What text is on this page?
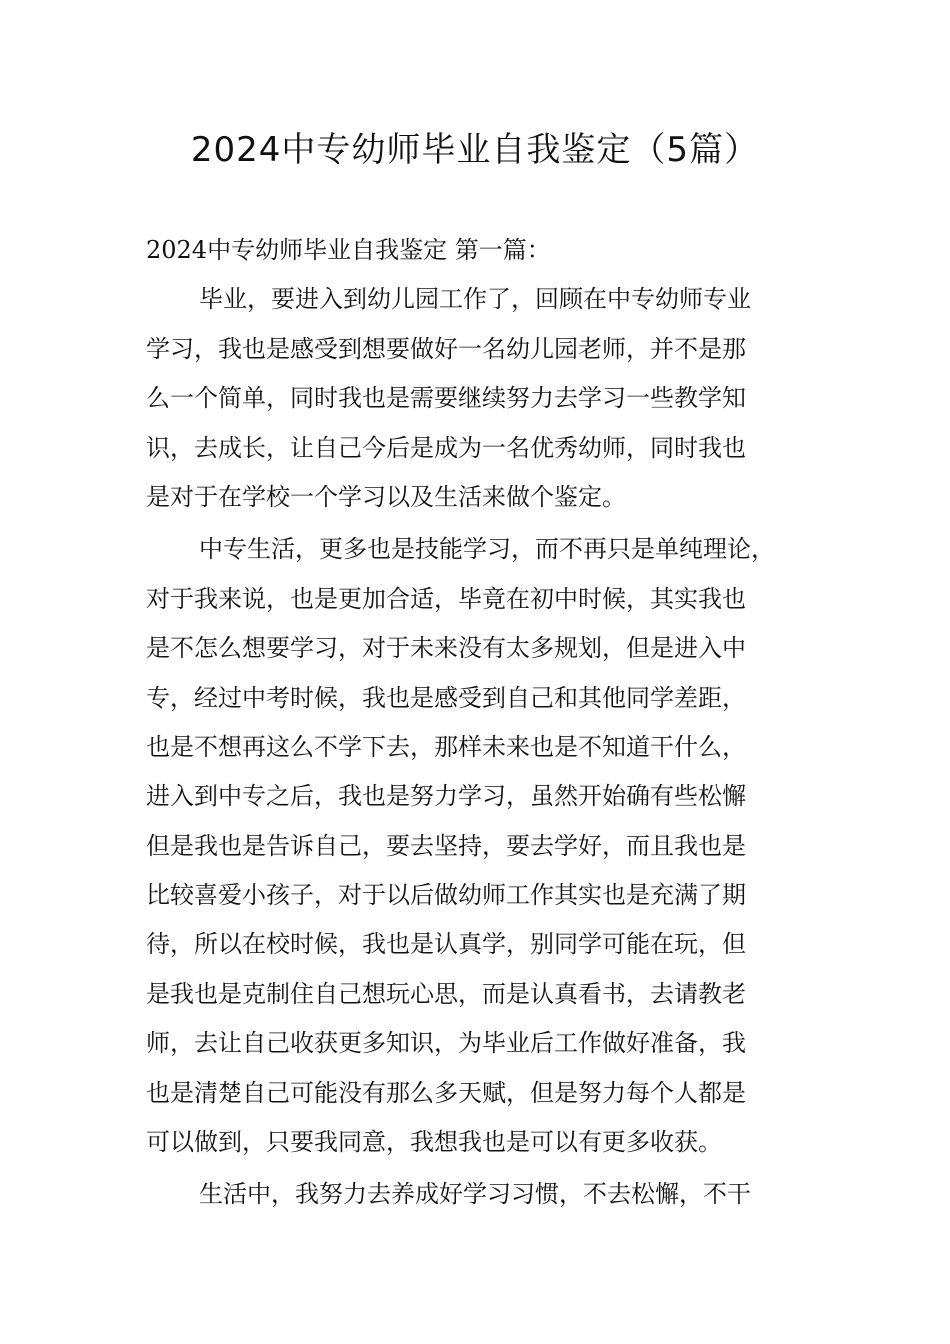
2024中专幼师毕业自我鉴定（5篇）
2024中专幼师毕业自我鉴定 第一篇：
毕业，要进入到幼儿园工作了，回顾在中专幼师专业
学习，我也是感受到想要做好一名幼儿园老师，并不是那
么一个简单，同时我也是需要继续努力去学习一些教学知
识，去成长，让自己今后是成为一名优秀幼师，同时我也
是对于在学校一个学习以及生活来做个鉴定。
中专生活，更多也是技能学习，而不再只是单纯理论，
对于我来说，也是更加合适，毕竟在初中时候，其实我也
是不怎么想要学习，对于未来没有太多规划，但是进入中
专，经过中考时候，我也是感受到自己和其他同学差距，
也是不想再这么不学下去，那样未来也是不知道干什么，
进入到中专之后，我也是努力学习，虽然开始确有些松懈
但是我也是告诉自己，要去坚持，要去学好，而且我也是
比较喜爱小孩子，对于以后做幼师工作其实也是充满了期
待，所以在校时候，我也是认真学，别同学可能在玩，但
是我也是克制住自己想玩心思，而是认真看书，去请教老
师，去让自己收获更多知识，为毕业后工作做好准备，我
也是清楚自己可能没有那么多天赋，但是努力每个人都是
可以做到，只要我同意，我想我也是可以有更多收获。
生活中，我努力去养成好学习习惯，不去松懈，不干
